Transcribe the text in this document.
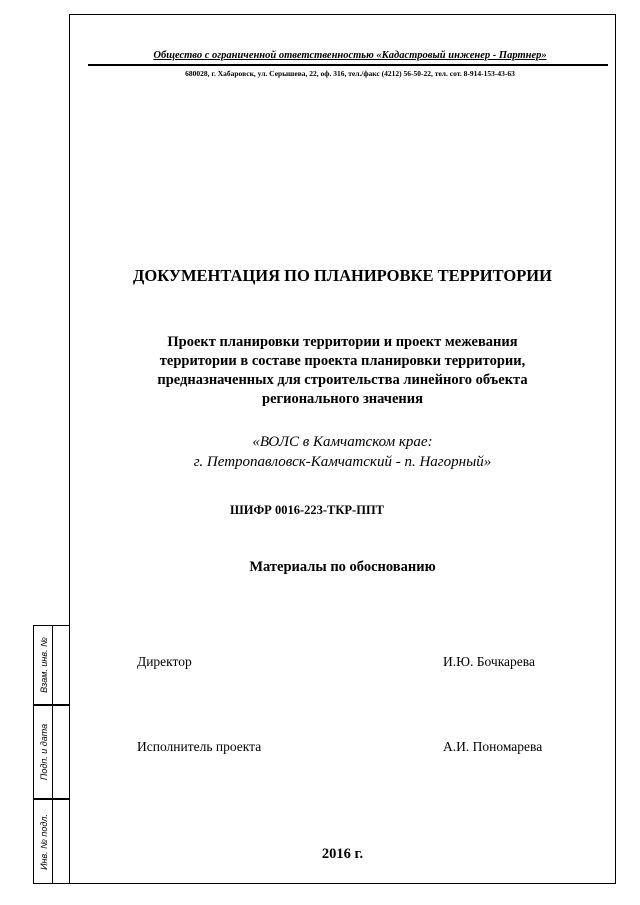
Взам. инв. №
Подп. и дата
Инв. № подл.
Общество с ограниченной ответственностью «Кадастровый инженер - Партнер»
680028, г. Хабаровск, ул. Серышева, 22, оф. 316, тел./факс (4212) 56-50-22, тел. сот. 8-914-153-43-63
ДОКУМЕНТАЦИЯ ПО ПЛАНИРОВКЕ ТЕРРИТОРИИ
Проект планировки территории и проект межевания
территории в составе проекта планировки территории,
предназначенных для строительства линейного объекта
регионального значения
«ВОЛС в Камчатском крае:
г. Петропавловск-Камчатский - п. Нагорный»
ШИФР 0016-223-ТКР-ППТ
Материалы по обоснованию
Директор	И.Ю. Бочкарева
Исполнитель проекта	А.И. Пономарева
2016 г.
